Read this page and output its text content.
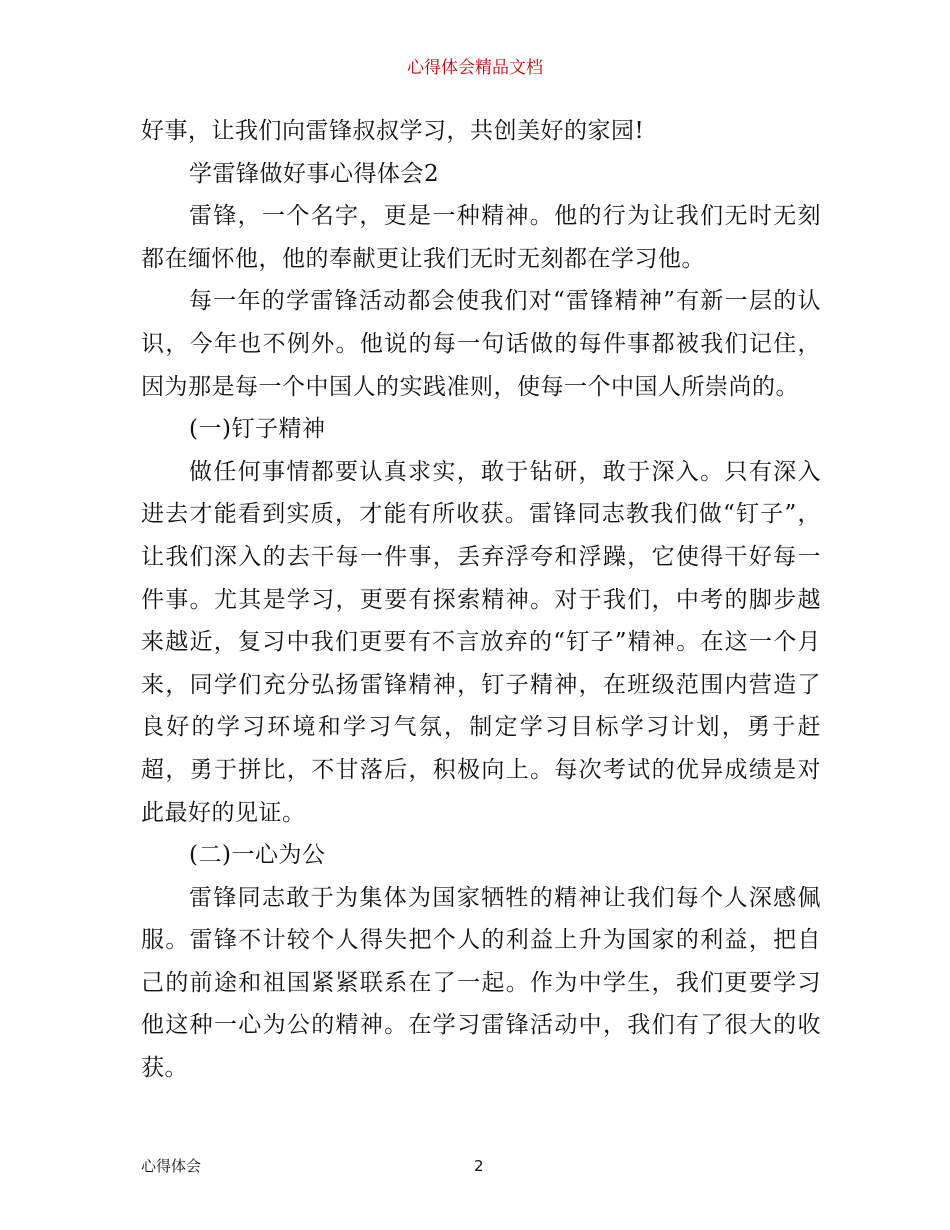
心得体会精品文档

好事，让我们向雷锋叔叔学习，共创美好的家园!

学雷锋做好事心得体会2

雷锋，一个名字，更是一种精神。他的行为让我们无时无刻都在缅怀他，他的奉献更让我们无时无刻都在学习他。

每一年的学雷锋活动都会使我们对“雷锋精神”有新一层的认识，今年也不例外。他说的每一句话做的每件事都被我们记住，因为那是每一个中国人的实践准则，使每一个中国人所崇尚的。

(一)钉子精神

做任何事情都要认真求实，敢于钻研，敢于深入。只有深入进去才能看到实质，才能有所收获。雷锋同志教我们做“钉子”，让我们深入的去干每一件事，丢弃浮夸和浮躁，它使得干好每一件事。尤其是学习，更要有探索精神。对于我们，中考的脚步越来越近，复习中我们更要有不言放弃的“钉子”精神。在这一个月来，同学们充分弘扬雷锋精神，钉子精神，在班级范围内营造了良好的学习环境和学习气氛，制定学习目标学习计划，勇于赶超，勇于拼比，不甘落后，积极向上。每次考试的优异成绩是对此最好的见证。

(二)一心为公

雷锋同志敢于为集体为国家牺牲的精神让我们每个人深感佩服。雷锋不计较个人得失把个人的利益上升为国家的利益，把自己的前途和祖国紧紧联系在了一起。作为中学生，我们更要学习他这种一心为公的精神。在学习雷锋活动中，我们有了很大的收获。

心得体会	2
